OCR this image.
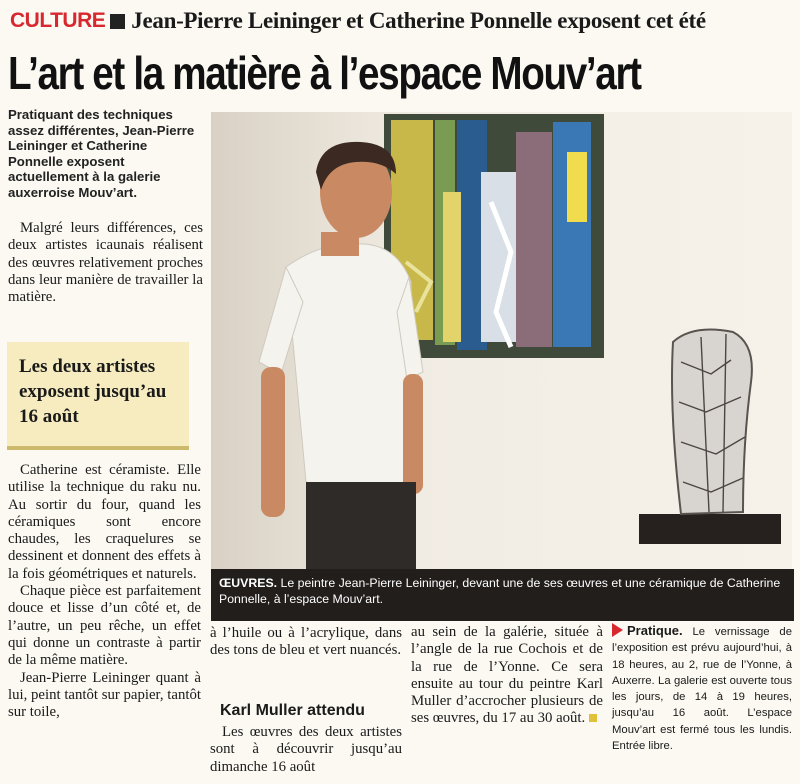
CULTURE Jean-Pierre Leininger et Catherine Ponnelle exposent cet été
L’art et la matière à l’espace Mouv’art
Pratiquant des techniques assez différentes, Jean-Pierre Leininger et Catherine Ponnelle exposent actuellement à la galerie auxerroise Mouv’art.

Malgré leurs différences, ces deux artistes icaunais réalisent des œuvres relativement proches dans leur manière de travailler la matière.

Les deux artistes exposent jusqu’au 16 août

Catherine est céramiste. Elle utilise la technique du raku nu. Au sortir du four, quand les céramiques sont encore chaudes, les craquelures se dessinent et donnent des effets à la fois géométriques et naturels.

Chaque pièce est parfaitement douce et lisse d’un côté et, de l’autre, un peu rêche, un effet qui donne un contraste à partir de la même matière.

Jean-Pierre Leininger quant à lui, peint tantôt sur papier, tantôt sur toile,

ŒUVRES. Le peintre Jean-Pierre Leininger, devant une de ses œuvres et une céramique de Catherine Ponnelle, à l’espace Mouv’art.

à l’huile ou à l’acrylique, dans des tons de bleu et vert nuancés.

Karl Muller attendu

Les œuvres des deux artistes sont à découvrir jusqu’au dimanche 16 août

au sein de la galérie, située à l’angle de la rue Cochois et de la rue de l’Yonne. Ce sera ensuite au tour du peintre Karl Muller d’accrocher plusieurs de ses œuvres, du 17 au 30 août.

Pratique. Le vernissage de l’exposition est prévu aujourd’hui, à 18 heures, au 2, rue de l’Yonne, à Auxerre. La galerie est ouverte tous les jours, de 14 à 19 heures, jusqu’au 16 août. L’espace Mouv’art est fermé tous les lundis. Entrée libre.
